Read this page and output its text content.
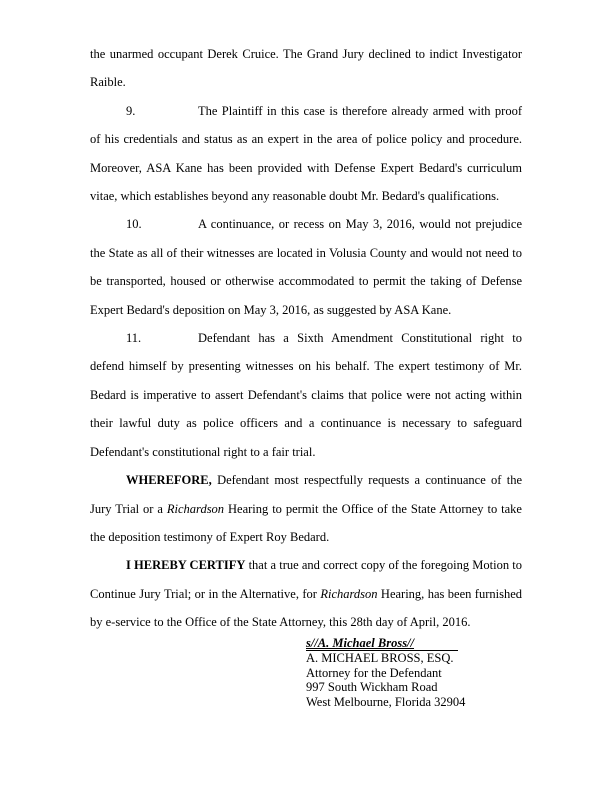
the unarmed occupant Derek Cruice. The Grand Jury declined to indict Investigator Raible.

9.	The Plaintiff in this case is therefore already armed with proof of his credentials and status as an expert in the area of police policy and procedure. Moreover, ASA Kane has been provided with Defense Expert Bedard's curriculum vitae, which establishes beyond any reasonable doubt Mr. Bedard's qualifications.

10.	A continuance, or recess on May 3, 2016, would not prejudice the State as all of their witnesses are located in Volusia County and would not need to be transported, housed or otherwise accommodated to permit the taking of Defense Expert Bedard's deposition on May 3, 2016, as suggested by ASA Kane.

11.	Defendant has a Sixth Amendment Constitutional right to defend himself by presenting witnesses on his behalf. The expert testimony of Mr. Bedard is imperative to assert Defendant's claims that police were not acting within their lawful duty as police officers and a continuance is necessary to safeguard Defendant's constitutional right to a fair trial.

WHEREFORE, Defendant most respectfully requests a continuance of the Jury Trial or a Richardson Hearing to permit the Office of the State Attorney to take the deposition testimony of Expert Roy Bedard.

I HEREBY CERTIFY that a true and correct copy of the foregoing Motion to Continue Jury Trial; or in the Alternative, for Richardson Hearing, has been furnished by e-service to the Office of the State Attorney, this 28th day of April, 2016.

s//A. Michael Bross//
A. MICHAEL BROSS, ESQ.
Attorney for the Defendant
997 South Wickham Road
West Melbourne, Florida 32904
